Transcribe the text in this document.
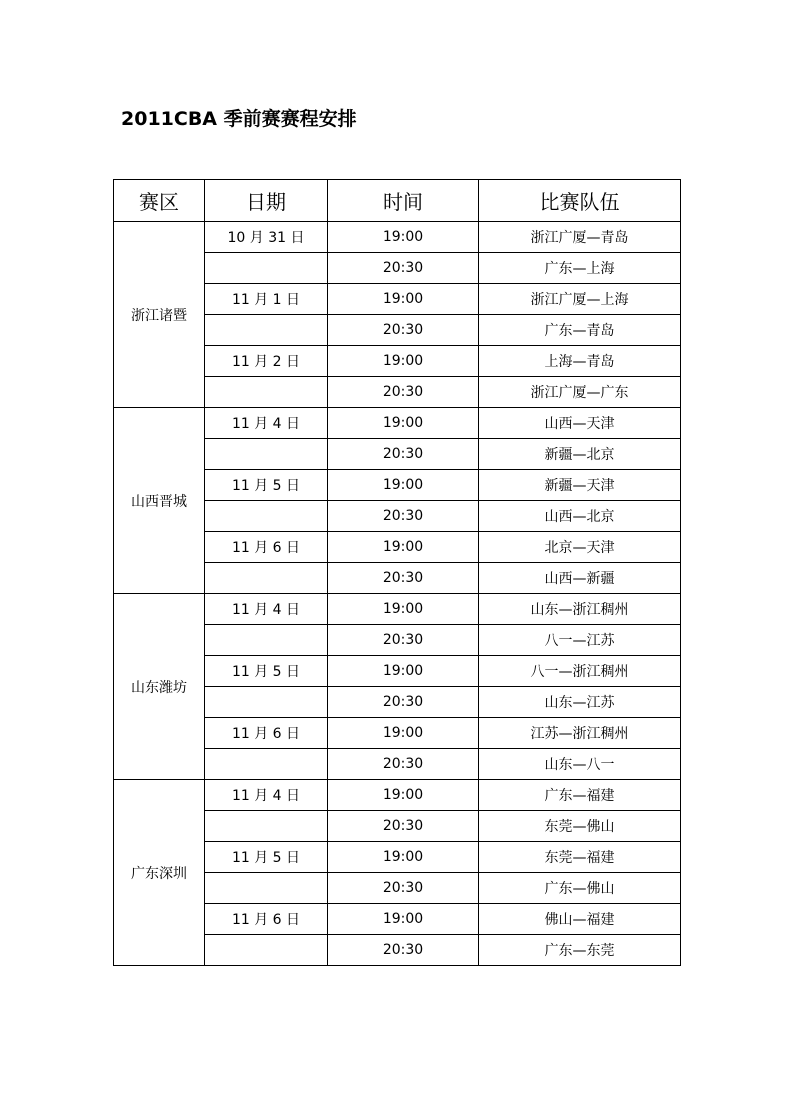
2011CBA 季前赛赛程安排
赛区	日期	时间	比赛队伍
浙江诸暨	10 月 31 日	19:00	浙江广厦—青岛
		20:30	广东—上海
	11 月 1 日	19:00	浙江广厦—上海
		20:30	广东—青岛
	11 月 2 日	19:00	上海—青岛
		20:30	浙江广厦—广东
山西晋城	11 月 4 日	19:00	山西—天津
		20:30	新疆—北京
	11 月 5 日	19:00	新疆—天津
		20:30	山西—北京
	11 月 6 日	19:00	北京—天津
		20:30	山西—新疆
山东潍坊	11 月 4 日	19:00	山东—浙江稠州
		20:30	八一—江苏
	11 月 5 日	19:00	八一—浙江稠州
		20:30	山东—江苏
	11 月 6 日	19:00	江苏—浙江稠州
		20:30	山东—八一
广东深圳	11 月 4 日	19:00	广东—福建
		20:30	东莞—佛山
	11 月 5 日	19:00	东莞—福建
		20:30	广东—佛山
	11 月 6 日	19:00	佛山—福建
		20:30	广东—东莞
